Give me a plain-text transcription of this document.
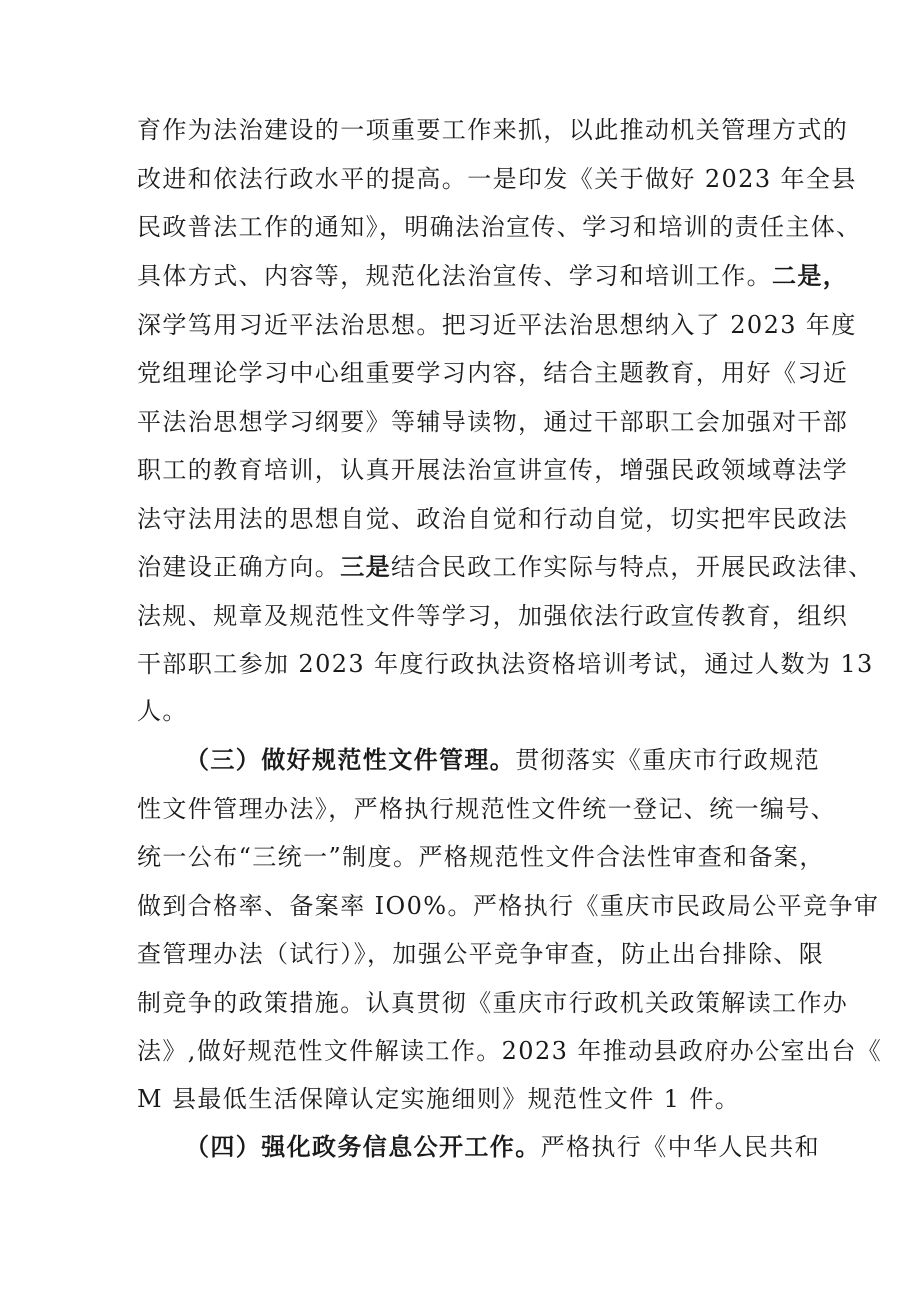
育作为法治建设的一项重要工作来抓，以此推动机关管理方式的
改进和依法行政水平的提高。一是印发《关于做好 2023 年全县
民政普法工作的通知》，明确法治宣传、学习和培训的责任主体、
具体方式、内容等，规范化法治宣传、学习和培训工作。二是，
深学笃用习近平法治思想。把习近平法治思想纳入了 2023 年度
党组理论学习中心组重要学习内容，结合主题教育，用好《习近
平法治思想学习纲要》等辅导读物，通过干部职工会加强对干部
职工的教育培训，认真开展法治宣讲宣传，增强民政领域尊法学
法守法用法的思想自觉、政治自觉和行动自觉，切实把牢民政法
治建设正确方向。三是结合民政工作实际与特点，开展民政法律、
法规、规章及规范性文件等学习，加强依法行政宣传教育，组织
干部职工参加 2023 年度行政执法资格培训考试，通过人数为 13
人。
（三）做好规范性文件管理。贯彻落实《重庆市行政规范
性文件管理办法》，严格执行规范性文件统一登记、统一编号、
统一公布“三统一”制度。严格规范性文件合法性审查和备案，
做到合格率、备案率 IO0%。严格执行《重庆市民政局公平竞争审
查管理办法（试行）》，加强公平竞争审查，防止出台排除、限
制竞争的政策措施。认真贯彻《重庆市行政机关政策解读工作办
法》,做好规范性文件解读工作。2023 年推动县政府办公室出台《
M 县最低生活保障认定实施细则》规范性文件 1 件。
（四）强化政务信息公开工作。严格执行《中华人民共和
